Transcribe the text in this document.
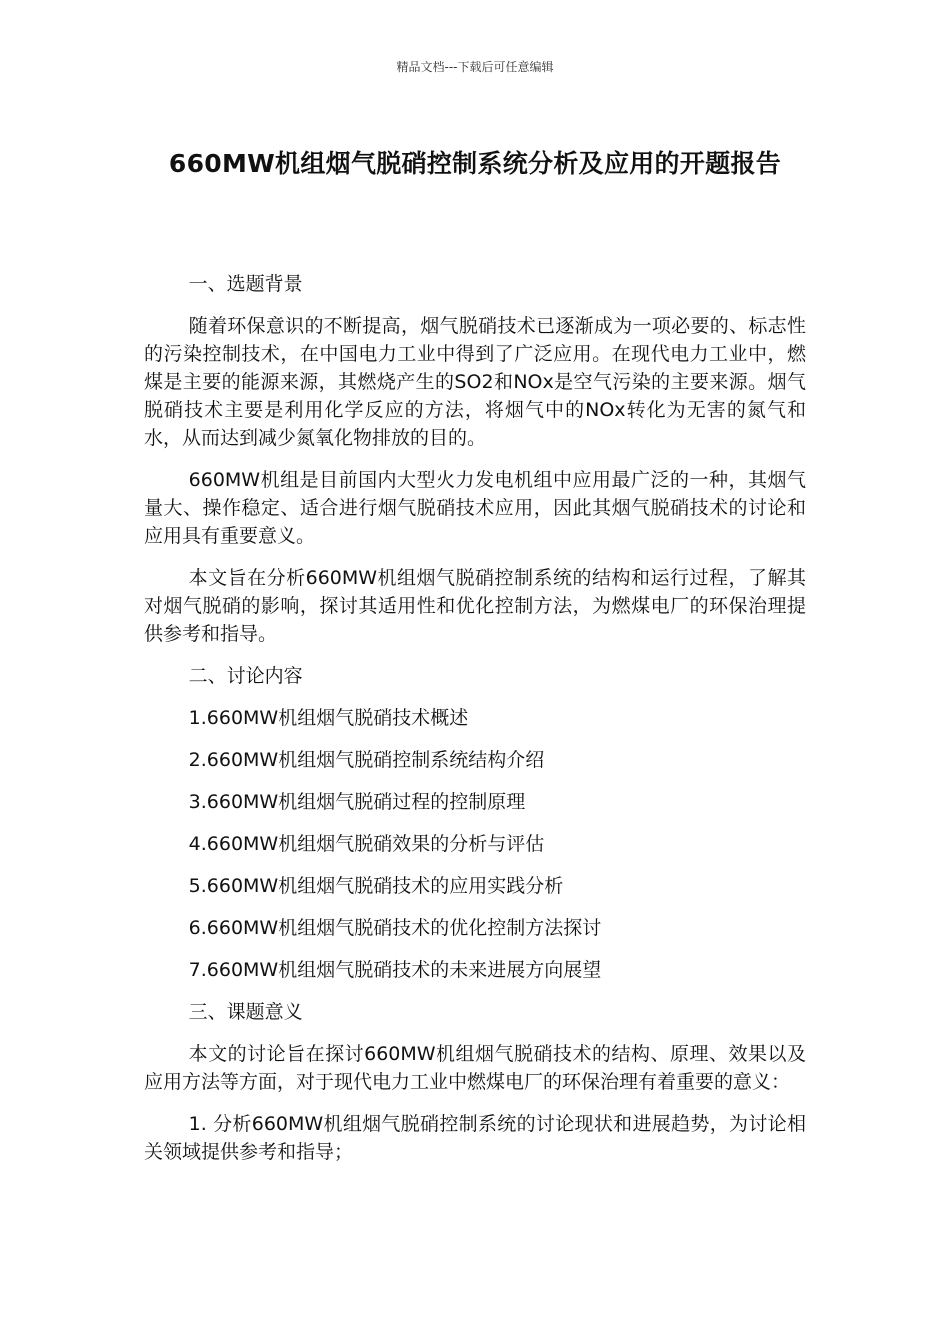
精品文档---下载后可任意编辑
660MW机组烟气脱硝控制系统分析及应用的开题报告
一、选题背景

随着环保意识的不断提高，烟气脱硝技术已逐渐成为一项必要的、标志性的污染控制技术，在中国电力工业中得到了广泛应用。在现代电力工业中，燃煤是主要的能源来源，其燃烧产生的SO2和NOx是空气污染的主要来源。烟气脱硝技术主要是利用化学反应的方法，将烟气中的NOx转化为无害的氮气和水，从而达到减少氮氧化物排放的目的。

660MW机组是目前国内大型火力发电机组中应用最广泛的一种，其烟气量大、操作稳定、适合进行烟气脱硝技术应用，因此其烟气脱硝技术的讨论和应用具有重要意义。

本文旨在分析660MW机组烟气脱硝控制系统的结构和运行过程，了解其对烟气脱硝的影响，探讨其适用性和优化控制方法，为燃煤电厂的环保治理提供参考和指导。

二、讨论内容
1.660MW机组烟气脱硝技术概述
2.660MW机组烟气脱硝控制系统结构介绍
3.660MW机组烟气脱硝过程的控制原理
4.660MW机组烟气脱硝效果的分析与评估
5.660MW机组烟气脱硝技术的应用实践分析
6.660MW机组烟气脱硝技术的优化控制方法探讨
7.660MW机组烟气脱硝技术的未来进展方向展望
三、课题意义

本文的讨论旨在探讨660MW机组烟气脱硝技术的结构、原理、效果以及应用方法等方面，对于现代电力工业中燃煤电厂的环保治理有着重要的意义：

1. 分析660MW机组烟气脱硝控制系统的讨论现状和进展趋势，为讨论相关领域提供参考和指导；
